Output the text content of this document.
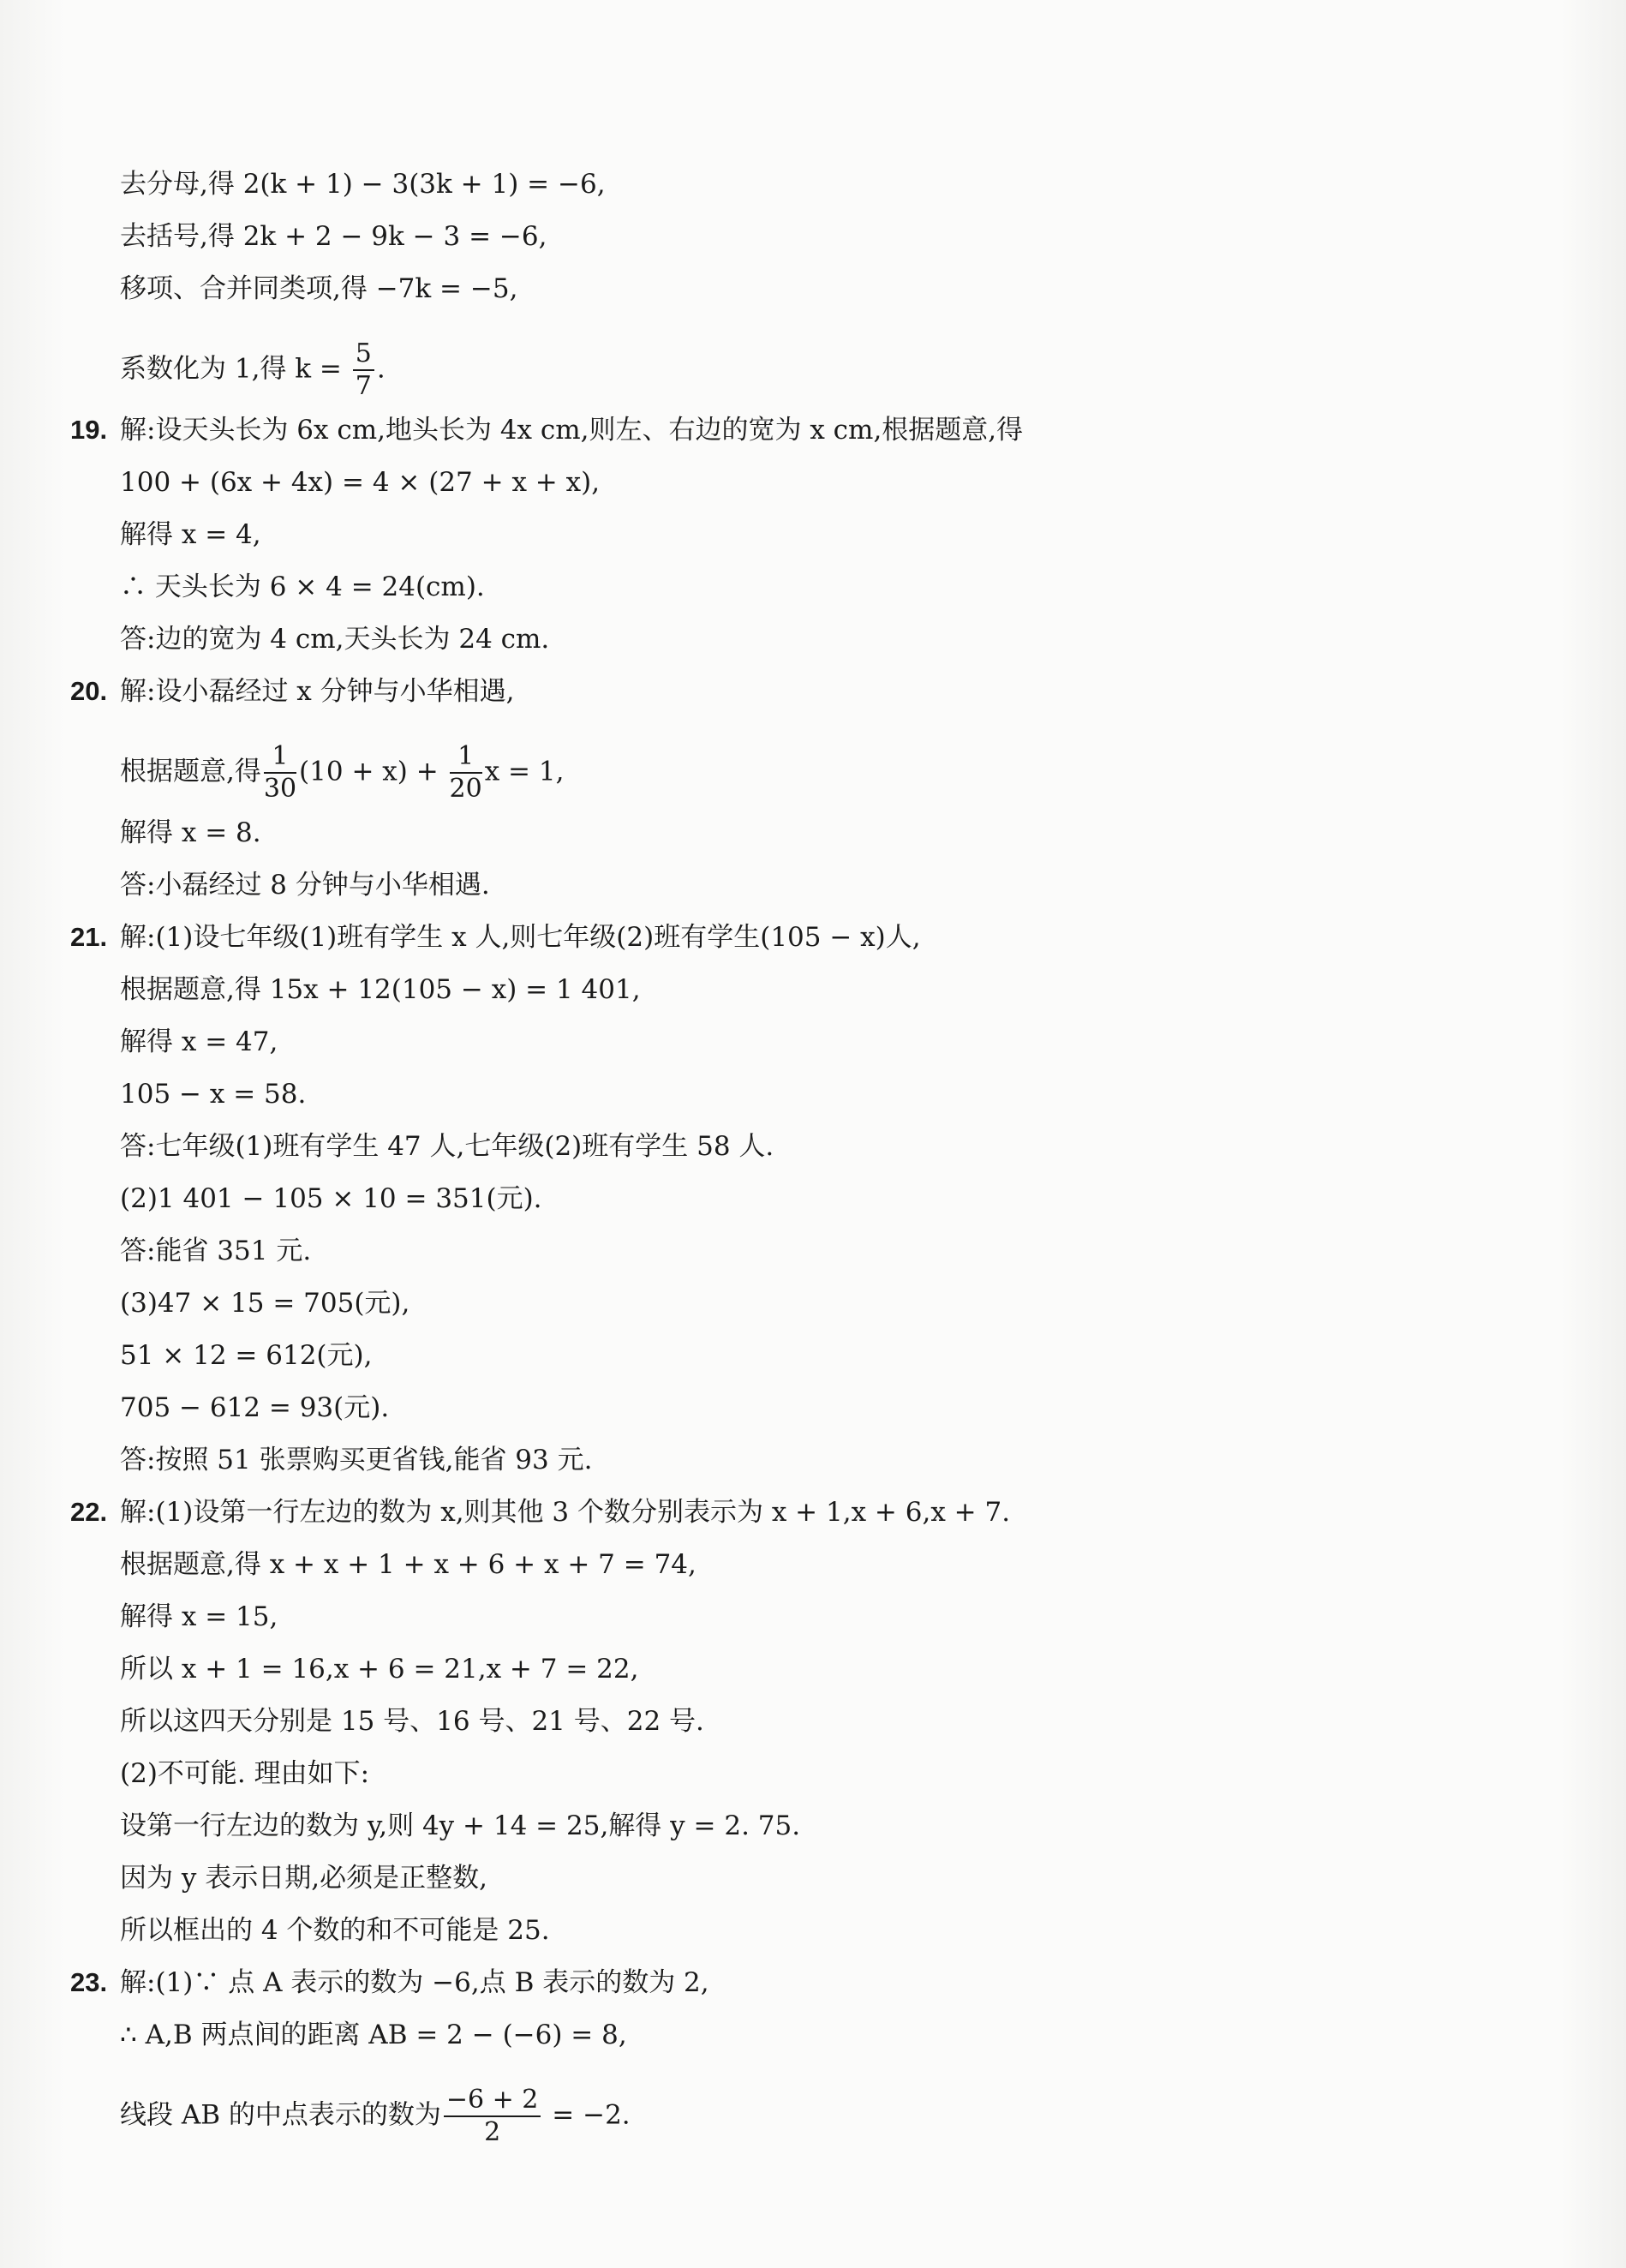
去分母,得 2(k + 1) − 3(3k + 1) = −6,
去括号,得 2k + 2 − 9k − 3 = −6,
移项、合并同类项,得 −7k = −5,
系数化为 1,得 $k = \frac{5}{7}$ .
19. 解:设天头长为 6x cm,地头长为 4x cm,则左、右边的宽为 x cm,根据题意,得
100 + (6x + 4x) = 4 × (27 + x + x),
解得 x = 4,
∴ 天头长为 6 × 4 = 24(cm).
答:边的宽为 4 cm,天头长为 24 cm.
20. 解:设小磊经过 x 分钟与小华相遇,
根据题意,得 $\frac{1}{30} (10 + x) + \frac{1}{20}$ x = 1,
解得 x = 8.
答:小磊经过 8 分钟与小华相遇.
21. 解:(1)设七年级(1)班有学生 x 人,则七年级(2)班有学生(105 − x)人,
根据题意,得 15x + 12(105 − x) = 1 401,
解得 x = 47,
105 − x = 58.
答:七年级(1)班有学生 47 人,七年级(2)班有学生 58 人.
(2)1 401 − 105 × 10 = 351(元).
答:能省 351 元.
(3)47 × 15 = 705(元),
51 × 12 = 612(元),
705 − 612 = 93(元).
答:按照 51 张票购买更省钱,能省 93 元.
22. 解:(1)设第一行左边的数为 x,则其他 3 个数分别表示为 x + 1,x + 6,x + 7.
根据题意,得 x + x + 1 + x + 6 + x + 7 = 74,
解得 x = 15,
所以 x + 1 = 16,x + 6 = 21,x + 7 = 22,
所以这四天分别是 15 号、16 号、21 号、22 号.
(2)不可能. 理由如下:
设第一行左边的数为 y,则 4y + 14 = 25,解得 y = 2. 75.
因为 y 表示日期,必须是正整数,
所以框出的 4 个数的和不可能是 25.
23. 解:(1)∵ 点 A 表示的数为 −6,点 B 表示的数为 2,
∴ A,B 两点间的距离 AB = 2 − (−6) = 8,
线段 AB 的中点表示的数为 $\frac{-6 + 2}{2} = -2$.
